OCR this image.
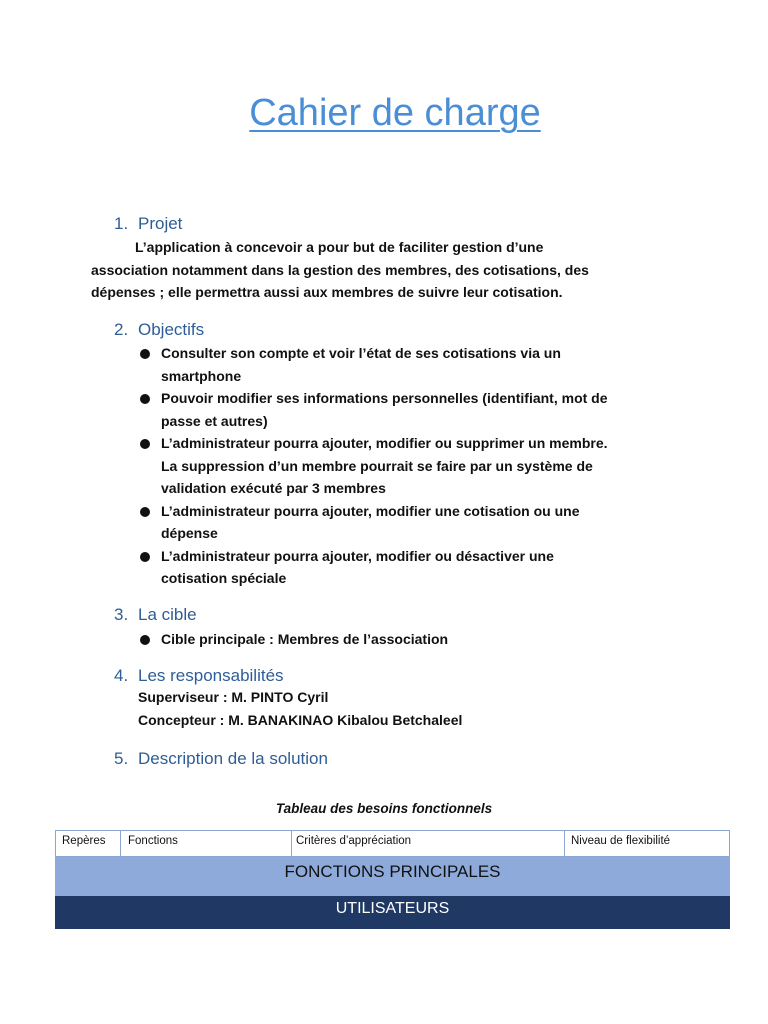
Cahier de charge
1. Projet
L’application à concevoir a pour but de faciliter gestion d’une
association notamment dans la gestion des membres, des cotisations, des
dépenses ; elle permettra aussi aux membres de suivre leur cotisation.
2. Objectifs
Consulter son compte et voir l’état de ses cotisations via un
smartphone
Pouvoir modifier ses informations personnelles (identifiant, mot de
passe et autres)
L’administrateur pourra ajouter, modifier ou supprimer un membre.
La suppression d’un membre pourrait se faire par un système de
validation exécuté par 3 membres
L’administrateur pourra ajouter, modifier une cotisation ou une
dépense
L’administrateur pourra ajouter, modifier ou désactiver une
cotisation spéciale
3. La cible
Cible principale : Membres de l’association
4. Les responsabilités
Superviseur : M. PINTO Cyril
Concepteur : M. BANAKINAO Kibalou Betchaleel
5. Description de la solution
Tableau des besoins fonctionnels
Repères Fonctions	Critères d’appréciation	Niveau de flexibilité
FONCTIONS PRINCIPALES
UTILISATEURS
